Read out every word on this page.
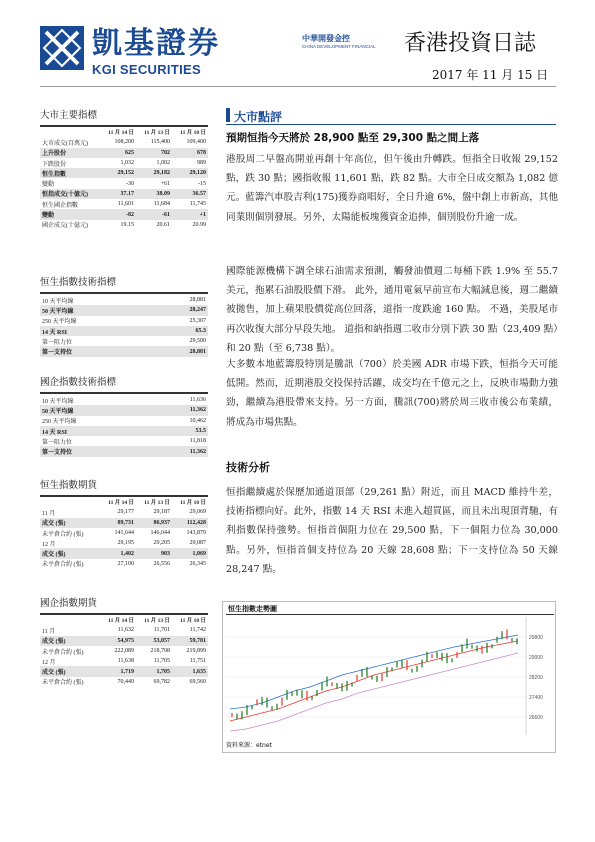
凱基證券
KGI SECURITIES
中華開發金控
CHINA DEVELOPMENT FINANCIAL 香港投資日誌
2017 年 11 月 15 日
大市主要指標
	11 月 14 日	11 月 13 日	11 月 10 日
大市成交(百萬元)	108,200	115,400	109,400
上升股份	625	702	678
下跌股份	1,032	1,002	989
恒生指數	29,152	29,182	29,120
變動	-30	+61	-15
恒指成交(十億元)	37.17	38.09	36.57
恒生國企指數	11,601	11,684	11,745
變動	-82	-61	+1
國企成交(十億元)	19.15	20.61	20.99
恒生指數技術指標
10 天平均線	28,881
50 天平均線	28,247
250 天平均線	25,307
14 天 RSI	65.3
第一阻力位	29,500
第一支持位	28,881
國企指數技術指標
10 天平均線	11,636
50 天平均線	11,362
250 天平均線	10,462
14 天 RSI	53.5
第一阻力位	11,818
第一支持位	11,362
恒生指數期貨
	11 月 14 日	11 月 13 日	11 月 10 日
11 月	29,177	29,187	29,069
成交 (張)	89,731	86,937	112,428
未平倉合約 (張)	141,644	146,044	143,879
12 月	29,195	29,205	29,087
成交 (張)	1,402	903	1,069
未平倉合約 (張)	27,100	26,556	26,345
國企指數期貨
	11 月 14 日	11 月 13 日	11 月 10 日
11 月	11,632	11,701	11,742
成交 (張)	54,975	53,057	59,781
未平倉合約 (張)	222,089	218,708	219,899
12 月	11,638	11,705	11,751
成交 (張)	1,719	1,705	1,635
未平倉合約 (張)	70,449	69,782	69,560
大市點評
預期恒指今天將於 28,900 點至 29,300 點之間上落
港股周二早盤高開並再創十年高位，但午後由升轉跌。恒指全日收報 29,152 點，跌 30 點；國指收報 11,601 點，跌 82 點。大市全日成交額為 1,082 億元。藍籌汽車股吉利(175)獲券商唱好，全日升逾 6%，盤中創上市新高，其他同業則個別發展。另外，太陽能板塊獲資金追捧，個別股份升逾一成。
國際能源機構下調全球石油需求預測，觸發油價週二每桶下跌 1.9% 至 55.7 美元，拖累石油股股價下滑。 此外，通用電氣早前宣布大幅減息後，週二繼續被拋售，加上蘋果股價從高位回落，道指一度跌逾 160 點。 不過，美股尾市再次收復大部分早段失地。 道指和納指週二收市分別下跌 30 點（23,409 點）和 20 點（至 6,738 點）。
大多數本地藍籌股特別是騰訊（700）於美國 ADR 市場下跌，恒指今天可能低開。然而，近期港股交投保持活躍，成交均在千億元之上，反映市場動力強勁，繼續為港股帶來支持。另一方面，騰訊(700)將於周三收市後公布業績，將成為市場焦點。
技術分析
恒指繼續處於保歷加通道頂部（29,261 點）附近，而且 MACD 維持牛差，技術指標向好。此外，指數 14 天 RSI 未進入超買區，而且未出現頂背馳，有利指數保持強勢。恒指首個阻力位在 29,500 點，下一個阻力位為 30,000 點。另外，恒指首個支持位為 20 天線 28,608 點；下一支持位為 50 天線 28,247 點。
恒生指數走勢圖
29800
29000
28200
27400
26600
資料來源：etnet
